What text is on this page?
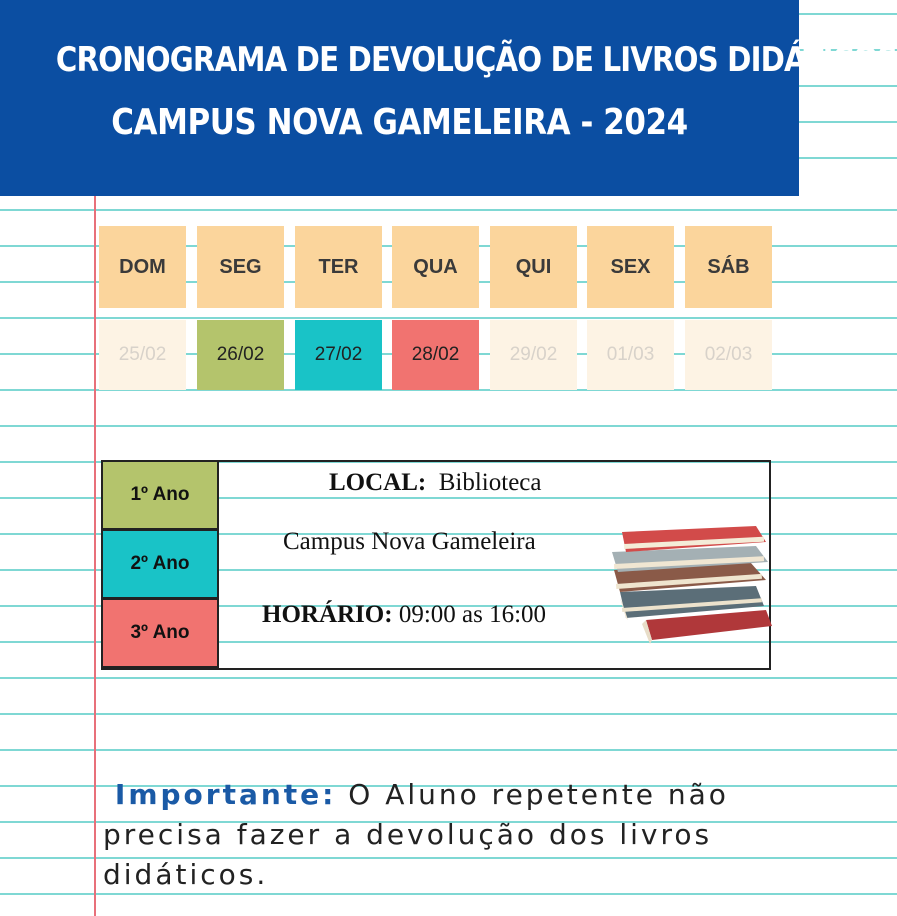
CRONOGRAMA DE DEVOLUÇÃO DE LIVROS DIDÁTICOS
CAMPUS NOVA GAMELEIRA - 2024
DOM	SEG	TER	QUA	QUI	SEX	SÁB
25/02	26/02	27/02	28/02	29/02	01/03	02/03
1º Ano
2º Ano
3º Ano
LOCAL: Biblioteca
Campus Nova Gameleira
HORÁRIO: 09:00 as 16:00
Importante: O Aluno repetente não precisa fazer a devolução dos livros didáticos.
